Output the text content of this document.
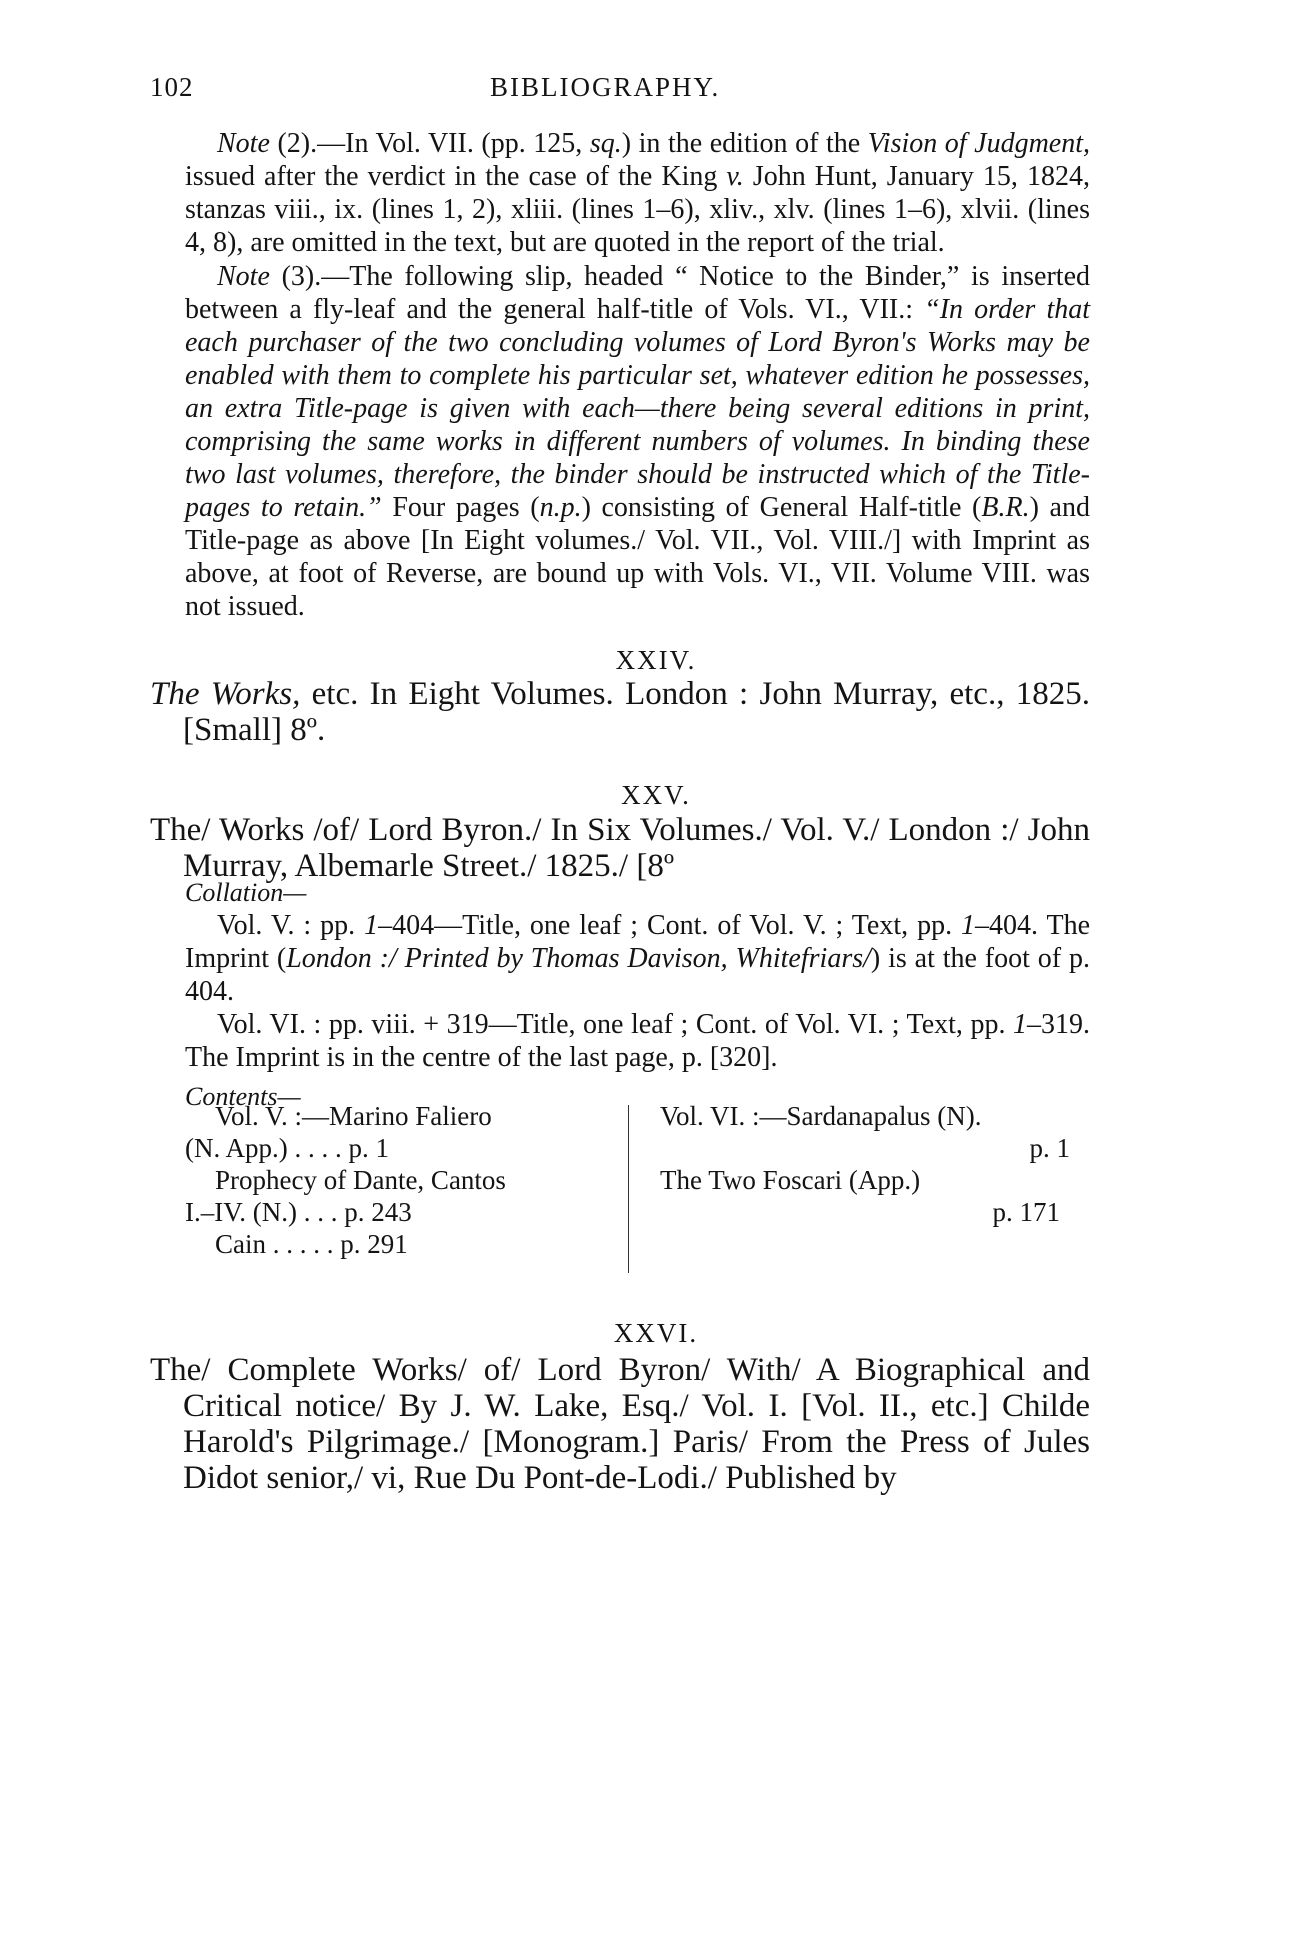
102	BIBLIOGRAPHY.

Note (2).—In Vol. VII. (pp. 125, sq.) in the edition of the Vision of Judgment, issued after the verdict in the case of the King v. John Hunt, January 15, 1824, stanzas viii., ix. (lines 1, 2), xliii. (lines 1–6), xliv., xlv. (lines 1–6), xlvii. (lines 4, 8), are omitted in the text, but are quoted in the report of the trial.

Note (3).—The following slip, headed “ Notice to the Binder,” is inserted between a fly-leaf and the general half-title of Vols. VI., VII.: “In order that each purchaser of the two concluding volumes of Lord Byron's Works may be enabled with them to complete his particular set, whatever edition he possesses, an extra Title-page is given with each—there being several editions in print, comprising the same works in different numbers of volumes. In binding these two last volumes, therefore, the binder should be instructed which of the Title-pages to retain.” Four pages (n.p.) consisting of General Half-title (B.R.) and Title-page as above [In Eight volumes./ Vol. VII., Vol. VIII./] with Imprint as above, at foot of Reverse, are bound up with Vols. VI., VII. Volume VIII. was not issued.

XXIV.

The Works, etc. In Eight Volumes. London : John Murray, etc., 1825. [Small] 8º.

XXV.

The/ Works /of/ Lord Byron./ In Six Volumes./ Vol. V./ London :/ John Murray, Albemarle Street./ 1825./ [8º

Collation—

Vol. V. : pp. 1–404—Title, one leaf ; Cont. of Vol. V. ; Text, pp. 1–404. The Imprint (London :/ Printed by Thomas Davison, Whitefriars/) is at the foot of p. 404.

Vol. VI. : pp. viii. + 319—Title, one leaf ; Cont. of Vol. VI. ; Text, pp. 1–319. The Imprint is in the centre of the last page, p. [320].

Contents—

Vol. V. :—Marino Faliero
(N. App.) . . . . p. 1
Prophecy of Dante, Cantos
I.–IV. (N.) . . . p. 243
Cain . . . . . p. 291
Vol. VI. :—Sardanapalus (N).
p. 1
The Two Foscari (App.)
p. 171
XXVI.

The/ Complete Works/ of/ Lord Byron/ With/ A Biographical and Critical notice/ By J. W. Lake, Esq./ Vol. I. [Vol. II., etc.] Childe Harold's Pilgrimage./ [Monogram.] Paris/ From the Press of Jules Didot senior,/ vi, Rue Du Pont-de-Lodi./ Published by
